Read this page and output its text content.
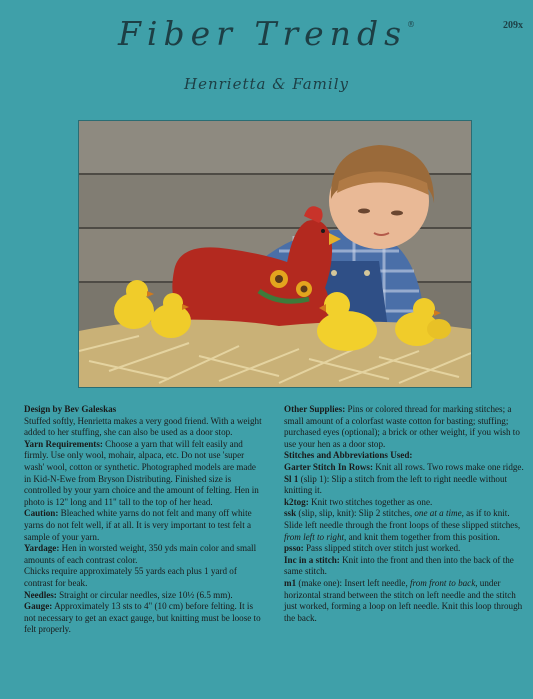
Fiber Trends®	209x
Henrietta & Family

Design by Bev Galeskas

Stuffed softly, Henrietta makes a very good friend. With a weight added to her stuffing, she can also be used as a door stop.

Yarn Requirements: Choose a yarn that will felt easily and firmly. Use only wool, mohair, alpaca, etc. Do not use 'super wash' wool, cotton or synthetic. Photographed models are made in Kid-N-Ewe from Bryson Distributing. Finished size is controlled by your yarn choice and the amount of felting. Hen in photo is 12" long and 11" tall to the top of her head.

Caution: Bleached white yarns do not felt and many off white yarns do not felt well, if at all. It is very important to test felt a sample of your yarn.

Yardage: Hen in worsted weight, 350 yds main color and small amounts of each contrast color.

Chicks require approximately 55 yards each plus 1 yard of contrast for beak.

Needles: Straight or circular needles, size 10½ (6.5 mm).

Gauge: Approximately 13 sts to 4" (10 cm) before felting. It is not necessary to get an exact gauge, but knitting must be loose to felt properly.

Other Supplies: Pins or colored thread for marking stitches; a small amount of a colorfast waste cotton for basting; stuffing; purchased eyes (optional); a brick or other weight, if you wish to use your hen as a door stop.

Stitches and Abbreviations Used:

Garter Stitch In Rows: Knit all rows. Two rows make one ridge.

Sl 1 (slip 1): Slip a stitch from the left to right needle without knitting it.

k2tog: Knit two stitches together as one.

ssk (slip, slip, knit): Slip 2 stitches, one at a time, as if to knit. Slide left needle through the front loops of these slipped stitches, from left to right, and knit them together from this position.

psso: Pass slipped stitch over stitch just worked.

Inc in a stitch: Knit into the front and then into the back of the same stitch.

m1 (make one): Insert left needle, from front to back, under horizontal strand between the stitch on left needle and the stitch just worked, forming a loop on left needle. Knit this loop through the back.
